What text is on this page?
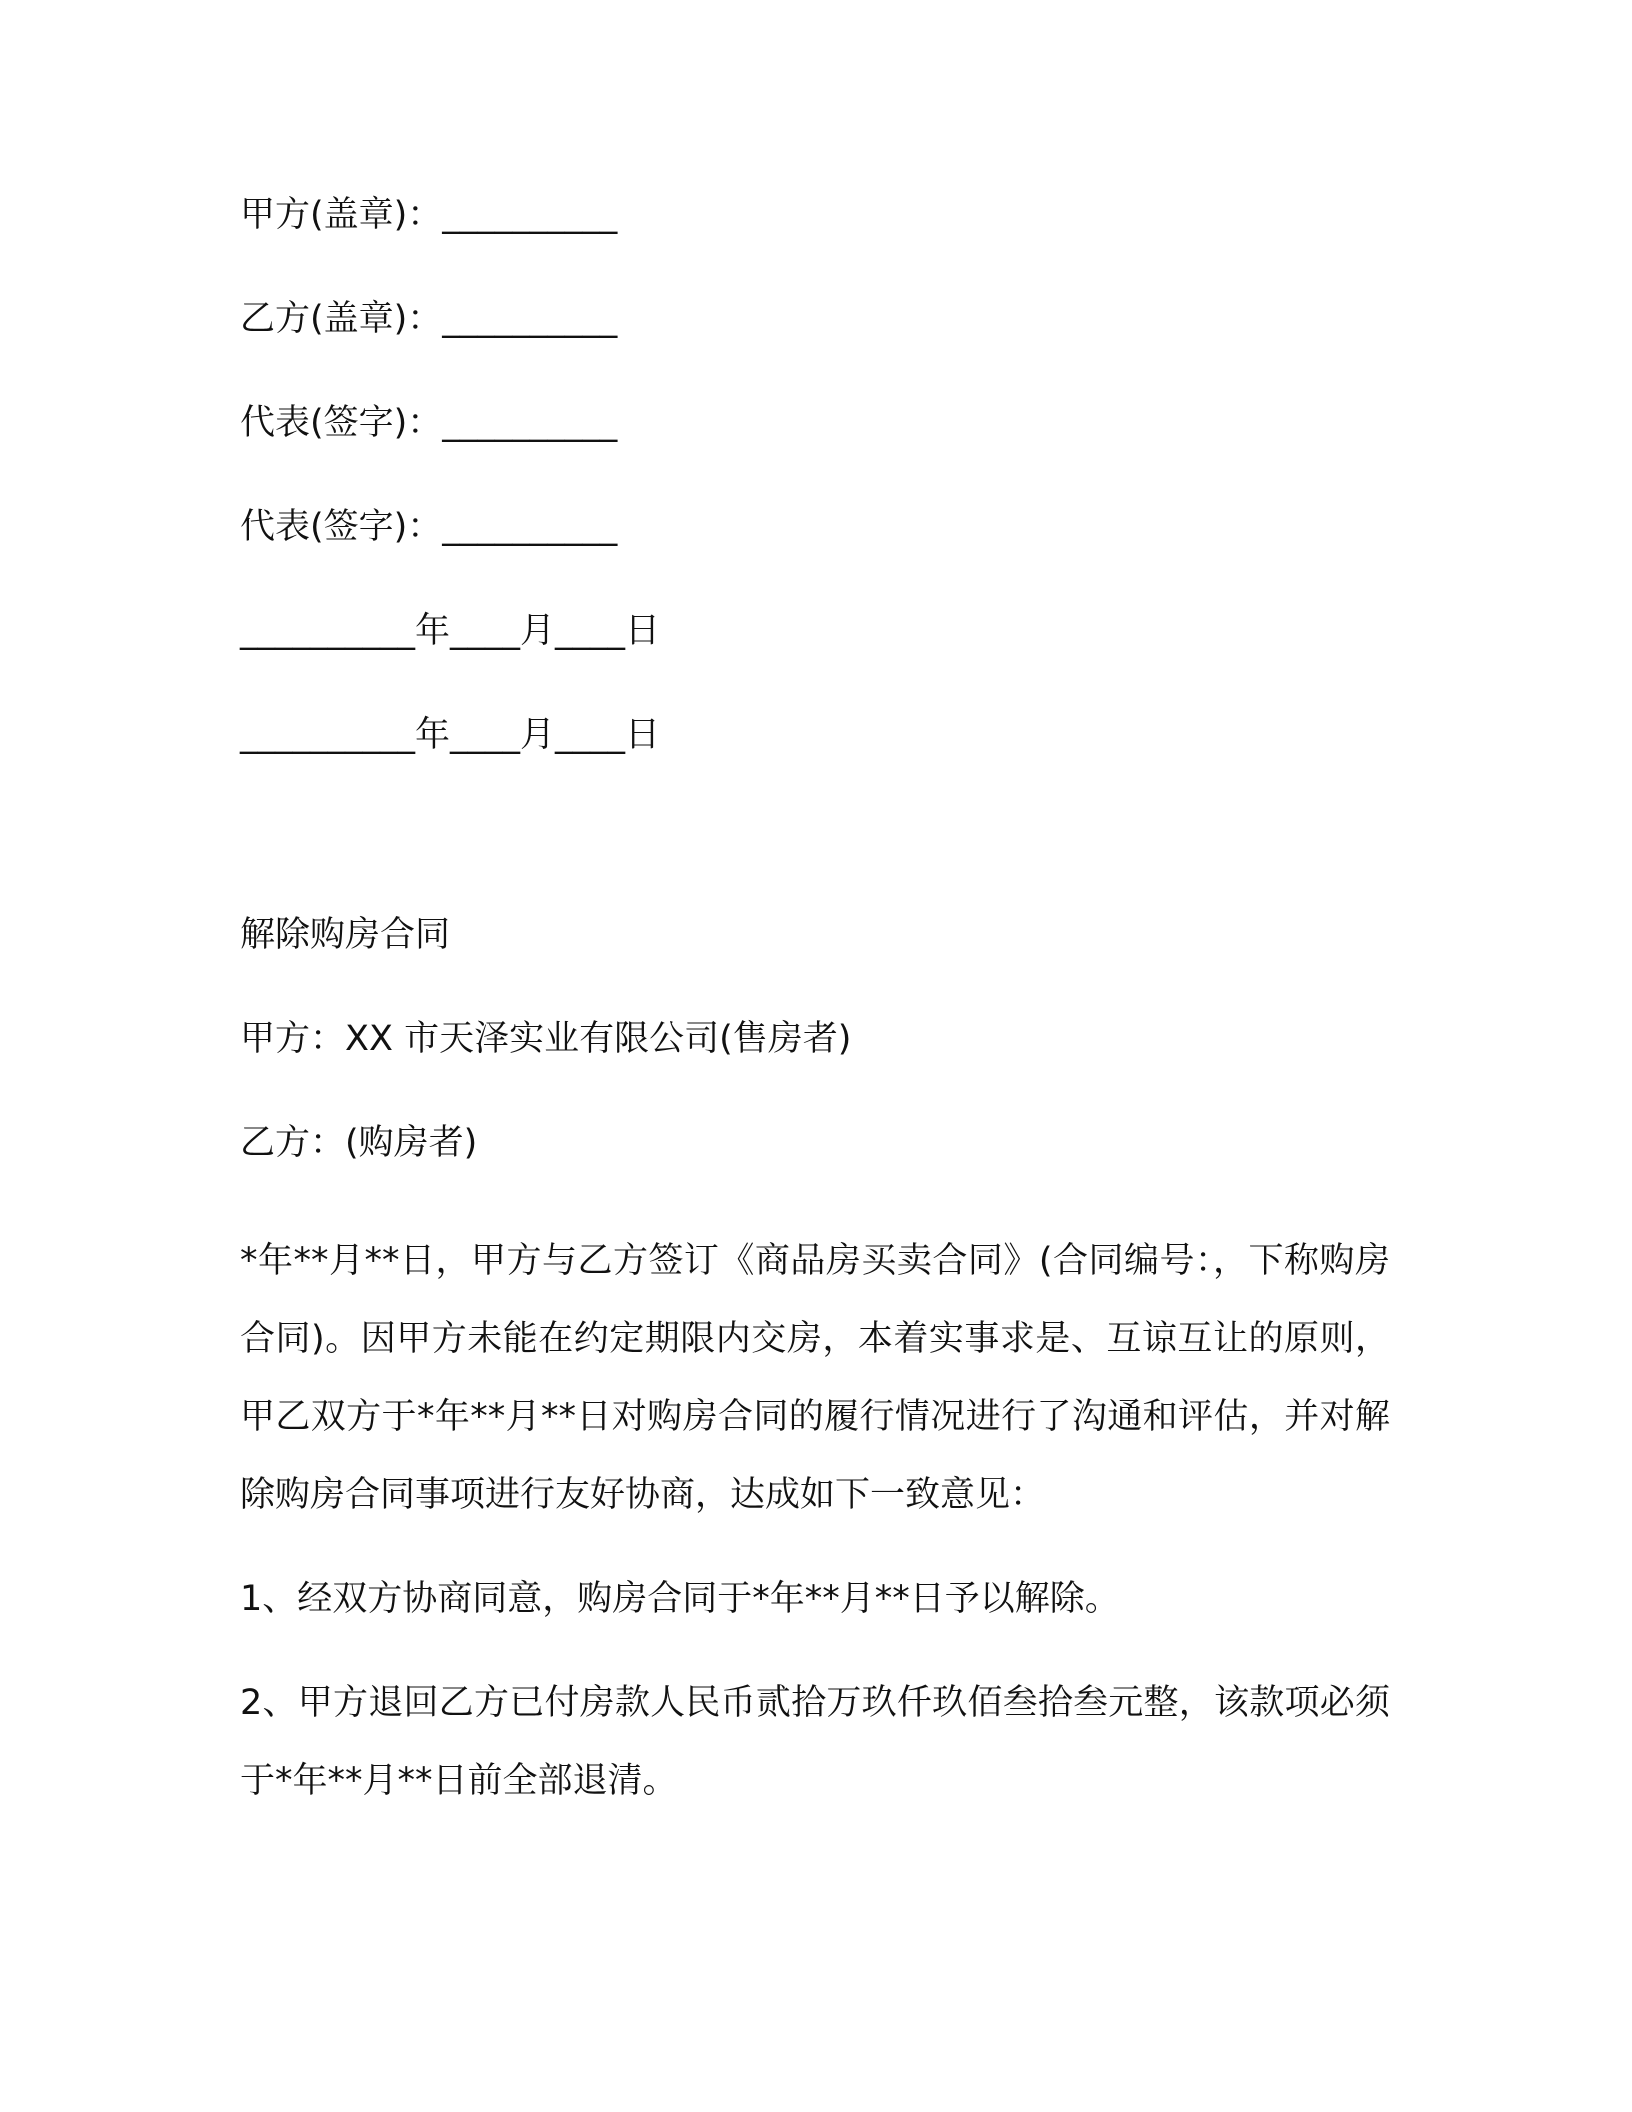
甲方(盖章)：__________
乙方(盖章)：__________
代表(签字)：__________
代表(签字)：__________
__________年____月____日
__________年____月____日
解除购房合同
甲方：XX 市天泽实业有限公司(售房者)
乙方：(购房者)

*年**月**日，甲方与乙方签订《商品房买卖合同》(合同编号：，下称购房合同)。因甲方未能在约定期限内交房，本着实事求是、互谅互让的原则，甲乙双方于*年**月**日对购房合同的履行情况进行了沟通和评估，并对解除购房合同事项进行友好协商，达成如下一致意见：

1、经双方协商同意，购房合同于*年**月**日予以解除。

2、甲方退回乙方已付房款人民币贰拾万玖仟玖佰叁拾叁元整，该款项必须于*年**月**日前全部退清。
